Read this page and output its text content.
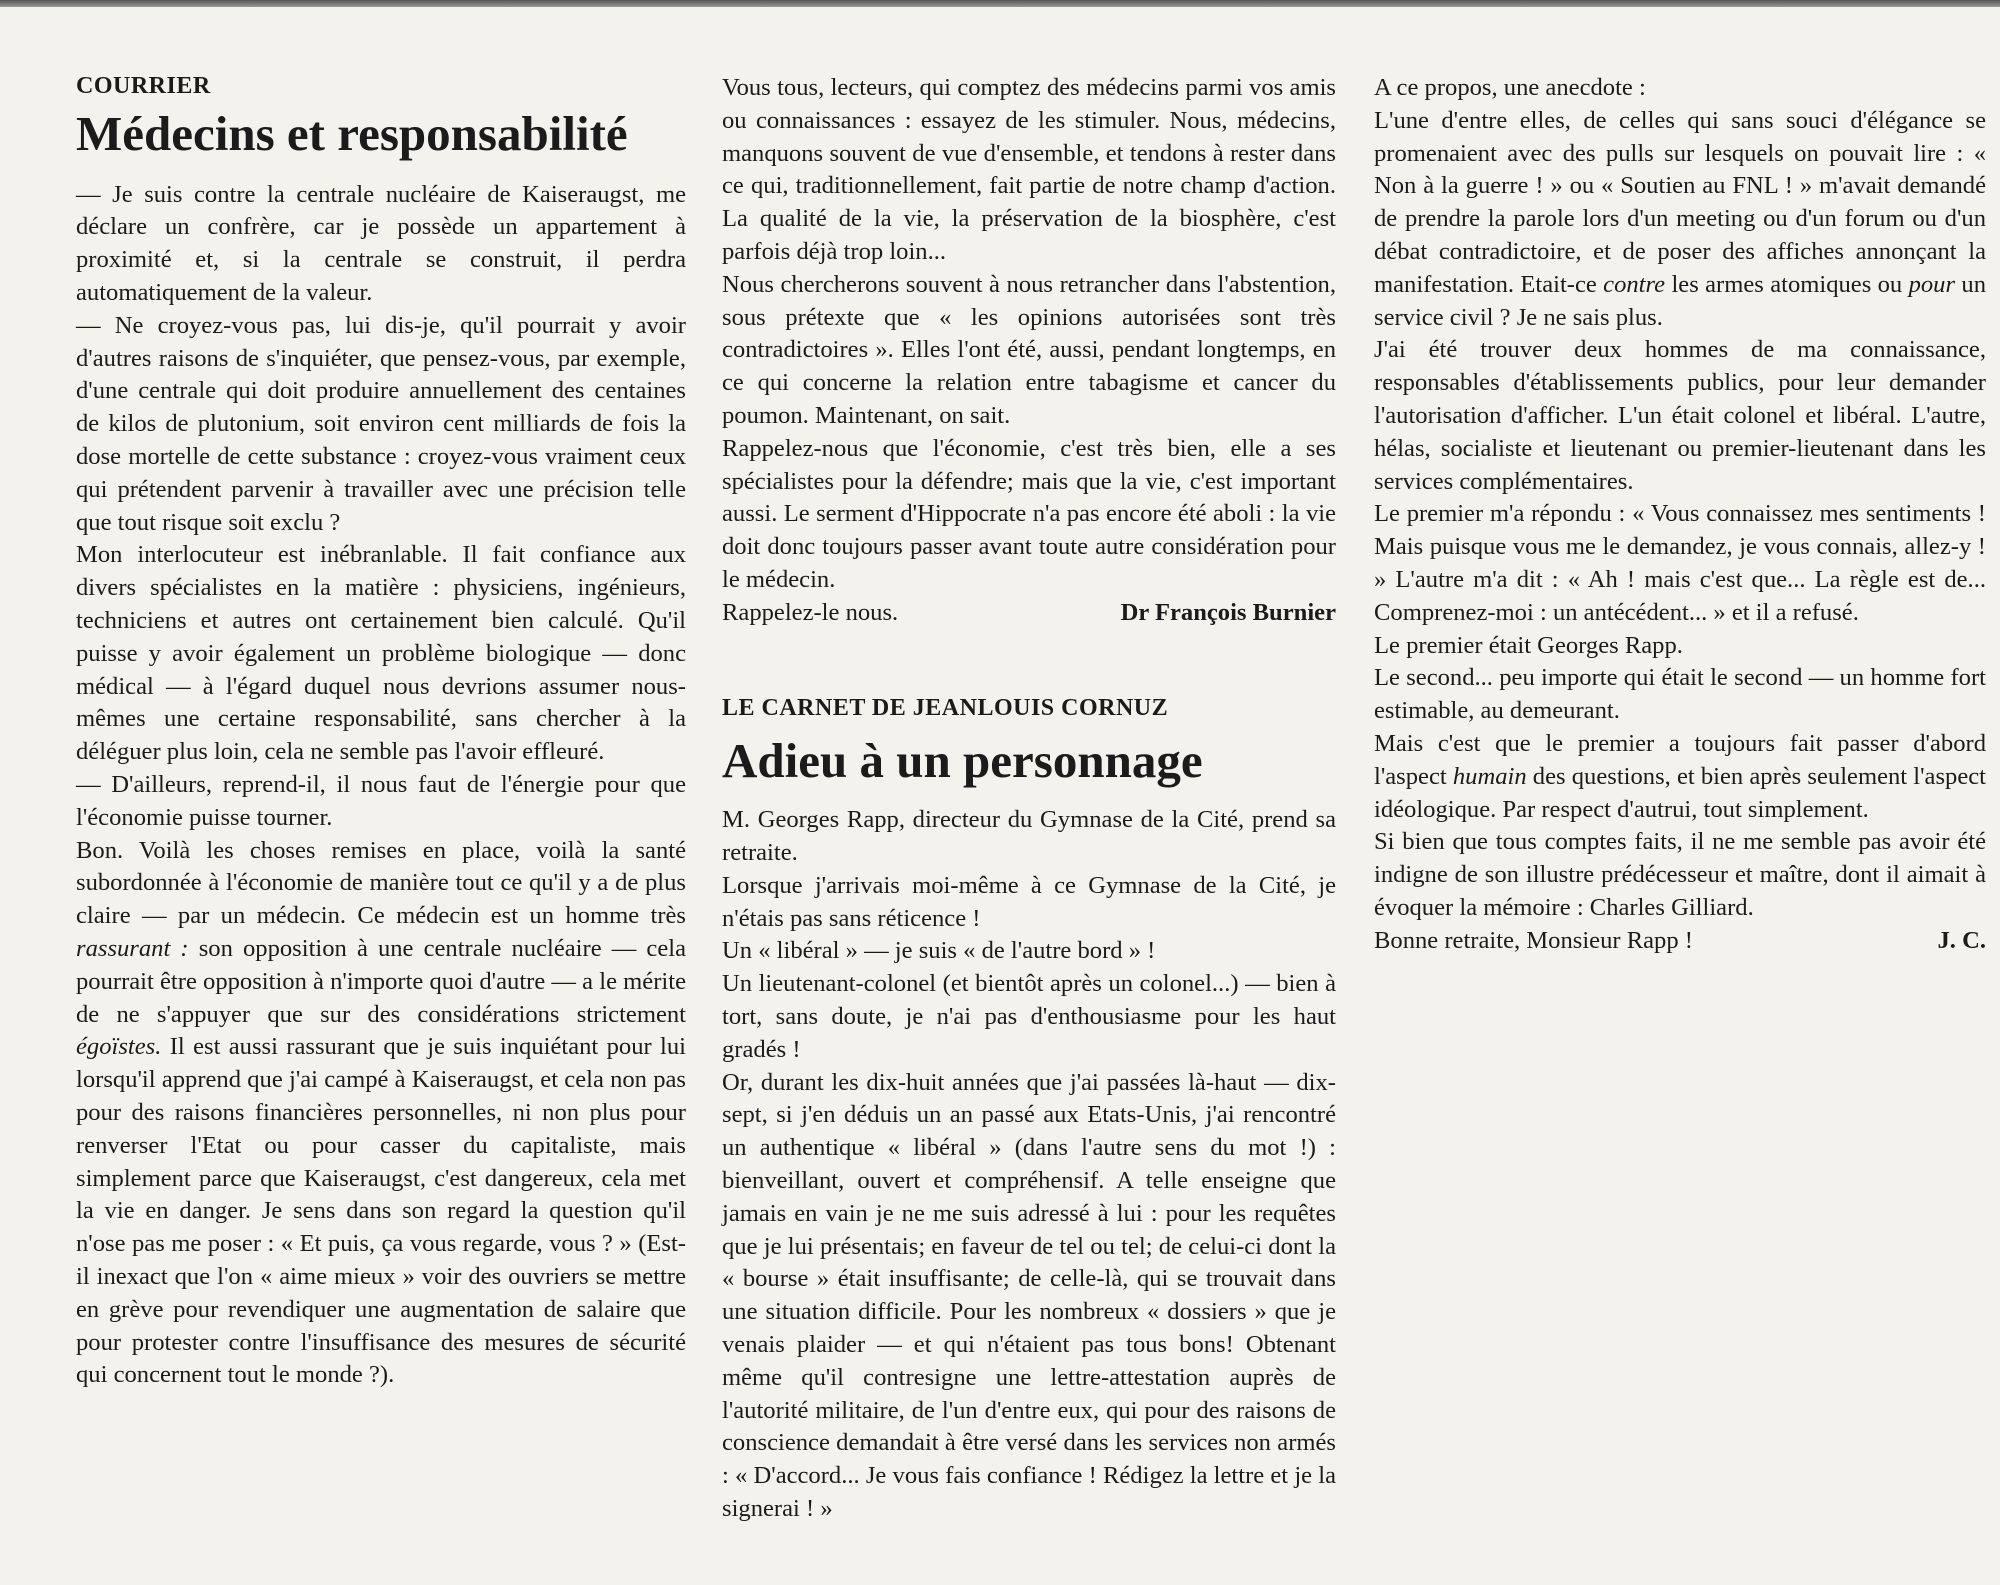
COURRIER
Médecins et responsabilité

— Je suis contre la centrale nucléaire de Kaiseraugst, me déclare un confrère, car je possède un appartement à proximité et, si la centrale se construit, il perdra automatiquement de la valeur.

— Ne croyez-vous pas, lui dis-je, qu'il pourrait y avoir d'autres raisons de s'inquiéter, que pensez-vous, par exemple, d'une centrale qui doit produire annuellement des centaines de kilos de plutonium, soit environ cent milliards de fois la dose mortelle de cette substance : croyez-vous vraiment ceux qui prétendent parvenir à travailler avec une précision telle que tout risque soit exclu ?

Mon interlocuteur est inébranlable. Il fait confiance aux divers spécialistes en la matière : physiciens, ingénieurs, techniciens et autres ont certainement bien calculé. Qu'il puisse y avoir également un problème biologique — donc médical — à l'égard duquel nous devrions assumer nous-mêmes une certaine responsabilité, sans chercher à la déléguer plus loin, cela ne semble pas l'avoir effleuré.

— D'ailleurs, reprend-il, il nous faut de l'énergie pour que l'économie puisse tourner.

Bon. Voilà les choses remises en place, voilà la santé subordonnée à l'économie de manière tout ce qu'il y a de plus claire — par un médecin. Ce médecin est un homme très rassurant : son opposition à une centrale nucléaire — cela pourrait être opposition à n'importe quoi d'autre — a le mérite de ne s'appuyer que sur des considérations strictement égoïstes. Il est aussi rassurant que je suis inquiétant pour lui lorsqu'il apprend que j'ai campé à Kaiseraugst, et cela non pas pour des raisons financières personnelles, ni non plus pour renverser l'Etat ou pour casser du capitaliste, mais simplement parce que Kaiseraugst, c'est dangereux, cela met la vie en danger. Je sens dans son regard la question qu'il n'ose pas me poser : « Et puis, ça vous regarde, vous ? » (Est-il inexact que l'on « aime mieux » voir des ouvriers se mettre en grève pour revendiquer une augmentation de salaire que pour protester contre l'insuffisance des mesures de sécurité qui concernent tout le monde ?).

Vous tous, lecteurs, qui comptez des médecins parmi vos amis ou connaissances : essayez de les stimuler. Nous, médecins, manquons souvent de vue d'ensemble, et tendons à rester dans ce qui, traditionnellement, fait partie de notre champ d'action. La qualité de la vie, la préservation de la biosphère, c'est parfois déjà trop loin...

Nous chercherons souvent à nous retrancher dans l'abstention, sous prétexte que « les opinions autorisées sont très contradictoires ». Elles l'ont été, aussi, pendant longtemps, en ce qui concerne la relation entre tabagisme et cancer du poumon. Maintenant, on sait.

Rappelez-nous que l'économie, c'est très bien, elle a ses spécialistes pour la défendre; mais que la vie, c'est important aussi. Le serment d'Hippocrate n'a pas encore été aboli : la vie doit donc toujours passer avant toute autre considération pour le médecin.

Rappelez-le nous.	Dr François Burnier
LE CARNET DE JEANLOUIS CORNUZ
Adieu à un personnage

M. Georges Rapp, directeur du Gymnase de la Cité, prend sa retraite.

Lorsque j'arrivais moi-même à ce Gymnase de la Cité, je n'étais pas sans réticence !

Un « libéral » — je suis « de l'autre bord » !

Un lieutenant-colonel (et bientôt après un colonel...) — bien à tort, sans doute, je n'ai pas d'enthousiasme pour les haut gradés !

Or, durant les dix-huit années que j'ai passées là-haut — dix-sept, si j'en déduis un an passé aux Etats-Unis, j'ai rencontré un authentique « libéral » (dans l'autre sens du mot !) : bienveillant, ouvert et compréhensif. A telle enseigne que jamais en vain je ne me suis adressé à lui : pour les requêtes que je lui présentais; en faveur de tel ou tel; de celui-ci dont la « bourse » était insuffisante; de celle-là, qui se trouvait dans une situation difficile. Pour les nombreux « dossiers » que je venais plaider — et qui n'étaient pas tous bons! Obtenant même qu'il contresigne une lettre-attestation auprès de l'autorité militaire, de l'un d'entre eux, qui pour des raisons de conscience demandait à être versé dans les services non armés : « D'accord... Je vous fais confiance ! Rédigez la lettre et je la signerai ! »

A ce propos, une anecdote :

L'une d'entre elles, de celles qui sans souci d'élégance se promenaient avec des pulls sur lesquels on pouvait lire : « Non à la guerre ! » ou « Soutien au FNL ! » m'avait demandé de prendre la parole lors d'un meeting ou d'un forum ou d'un débat contradictoire, et de poser des affiches annonçant la manifestation. Etait-ce contre les armes atomiques ou pour un service civil ? Je ne sais plus.

J'ai été trouver deux hommes de ma connaissance, responsables d'établissements publics, pour leur demander l'autorisation d'afficher. L'un était colonel et libéral. L'autre, hélas, socialiste et lieutenant ou premier-lieutenant dans les services complémentaires.

Le premier m'a répondu : « Vous connaissez mes sentiments ! Mais puisque vous me le demandez, je vous connais, allez-y ! » L'autre m'a dit : « Ah ! mais c'est que... La règle est de... Comprenez-moi : un antécédent... » et il a refusé.

Le premier était Georges Rapp.

Le second... peu importe qui était le second — un homme fort estimable, au demeurant.

Mais c'est que le premier a toujours fait passer d'abord l'aspect humain des questions, et bien après seulement l'aspect idéologique. Par respect d'autrui, tout simplement.

Si bien que tous comptes faits, il ne me semble pas avoir été indigne de son illustre prédécesseur et maître, dont il aimait à évoquer la mémoire : Charles Gilliard.

Bonne retraite, Monsieur Rapp !	J. C.
